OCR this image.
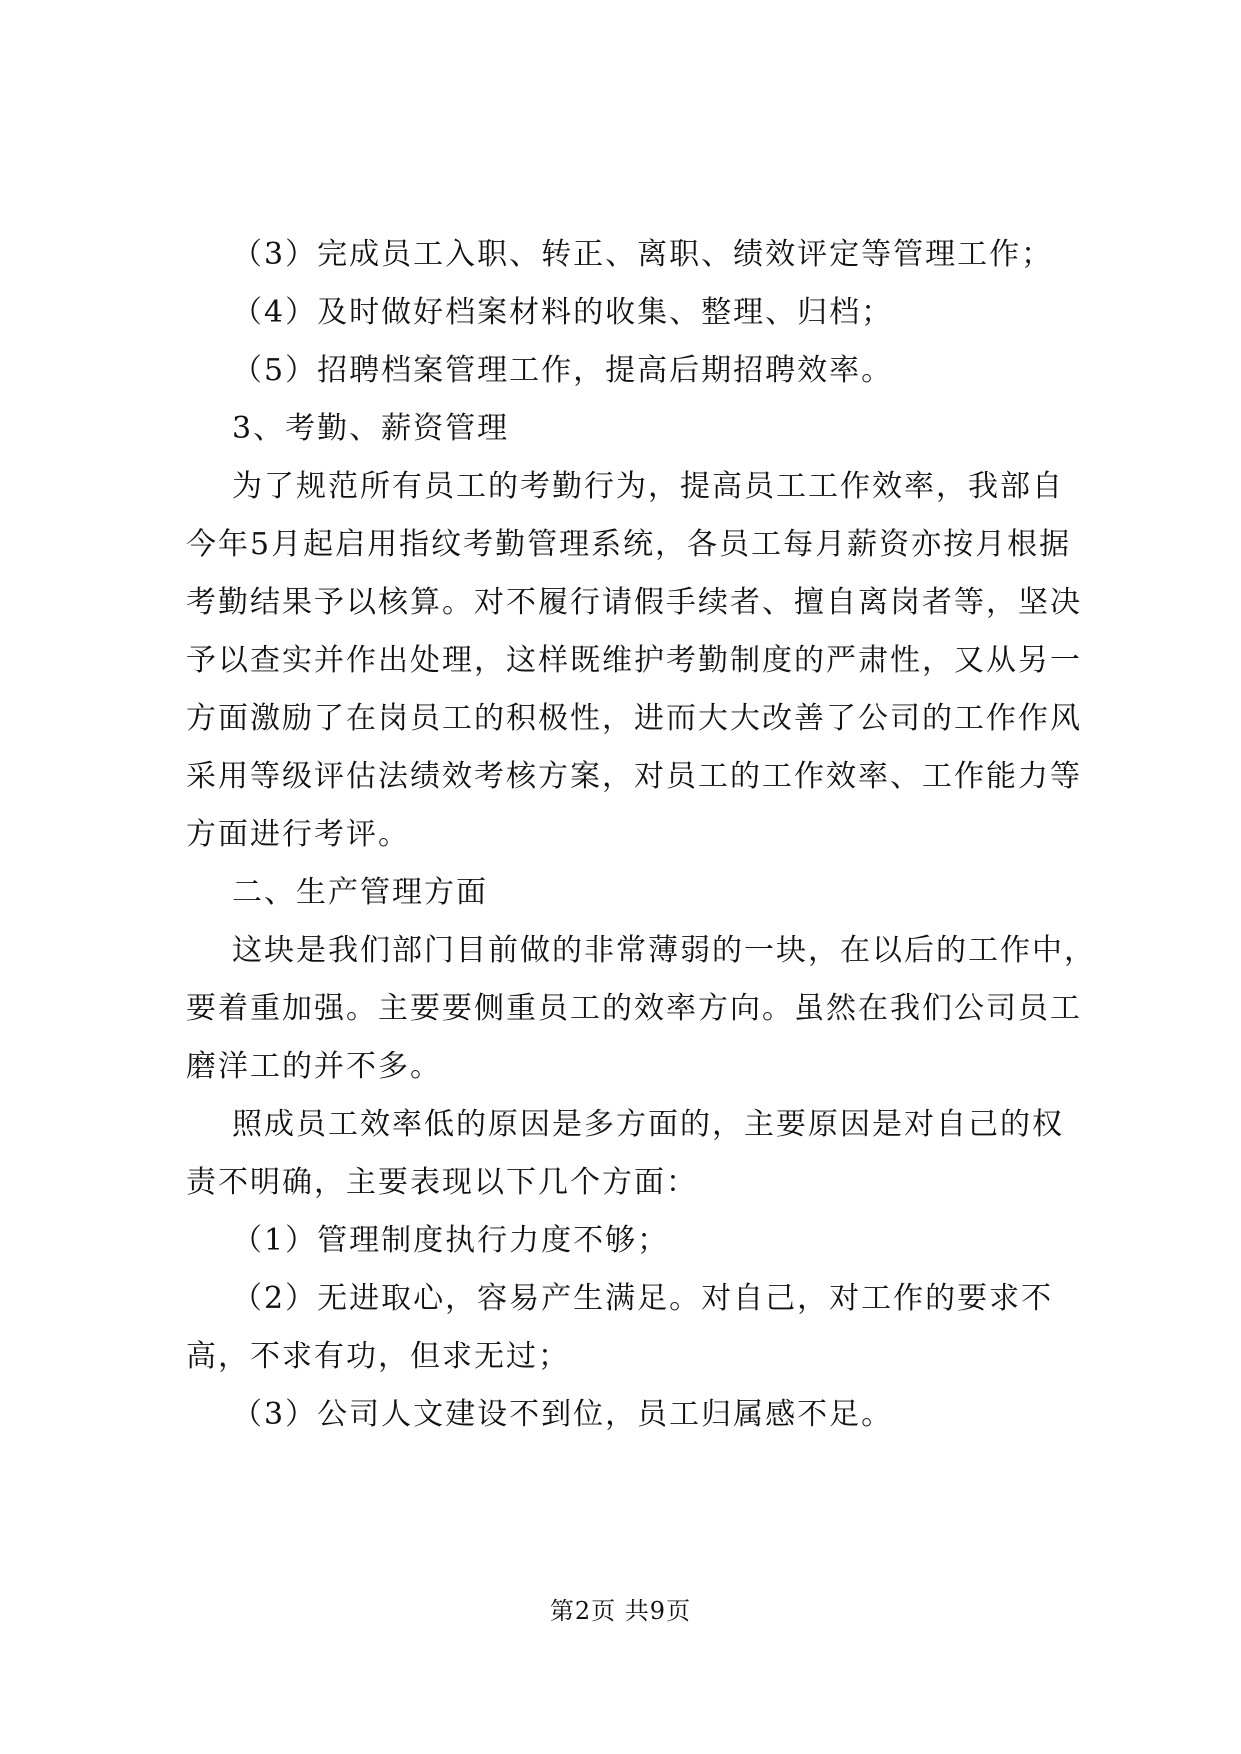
（3）完成员工入职、转正、离职、绩效评定等管理工作；
（4）及时做好档案材料的收集、整理、归档；
（5）招聘档案管理工作，提高后期招聘效率。
3、考勤、薪资管理
为了规范所有员工的考勤行为，提高员工工作效率，我部自
今年5月起启用指纹考勤管理系统，各员工每月薪资亦按月根据
考勤结果予以核算。对不履行请假手续者、擅自离岗者等，坚决
予以查实并作出处理，这样既维护考勤制度的严肃性，又从另一
方面激励了在岗员工的积极性，进而大大改善了公司的工作作风
采用等级评估法绩效考核方案，对员工的工作效率、工作能力等
方面进行考评。
二、生产管理方面
这块是我们部门目前做的非常薄弱的一块，在以后的工作中，
要着重加强。主要要侧重员工的效率方向。虽然在我们公司员工
磨洋工的并不多。
照成员工效率低的原因是多方面的，主要原因是对自己的权
责不明确，主要表现以下几个方面：
（1）管理制度执行力度不够；
（2）无进取心，容易产生满足。对自己，对工作的要求不
高，不求有功，但求无过；
（3）公司人文建设不到位，员工归属感不足。
第2页 共9页
